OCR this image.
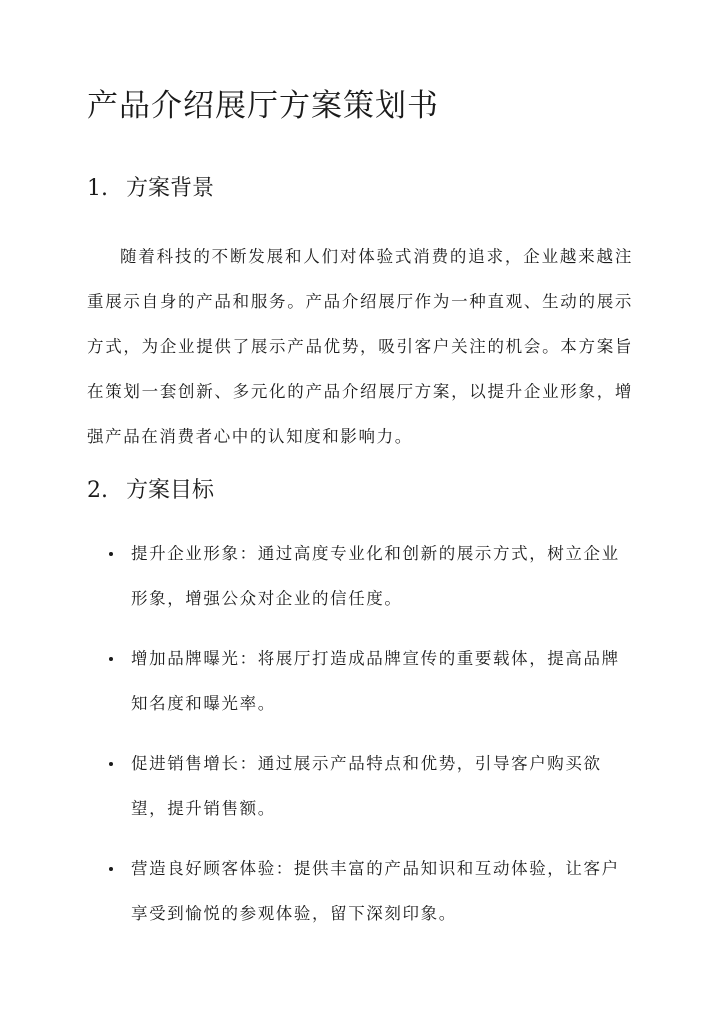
产品介绍展厅方案策划书
1. 方案背景

随着科技的不断发展和人们对体验式消费的追求，企业越来越注重展示自身的产品和服务。产品介绍展厅作为一种直观、生动的展示方式，为企业提供了展示产品优势，吸引客户关注的机会。本方案旨在策划一套创新、多元化的产品介绍展厅方案，以提升企业形象，增强产品在消费者心中的认知度和影响力。

2. 方案目标
提升企业形象：通过高度专业化和创新的展示方式，树立企业形象，增强公众对企业的信任度。
增加品牌曝光：将展厅打造成品牌宣传的重要载体，提高品牌知名度和曝光率。
促进销售增长：通过展示产品特点和优势，引导客户购买欲望，提升销售额。
营造良好顾客体验：提供丰富的产品知识和互动体验，让客户享受到愉悦的参观体验，留下深刻印象。
